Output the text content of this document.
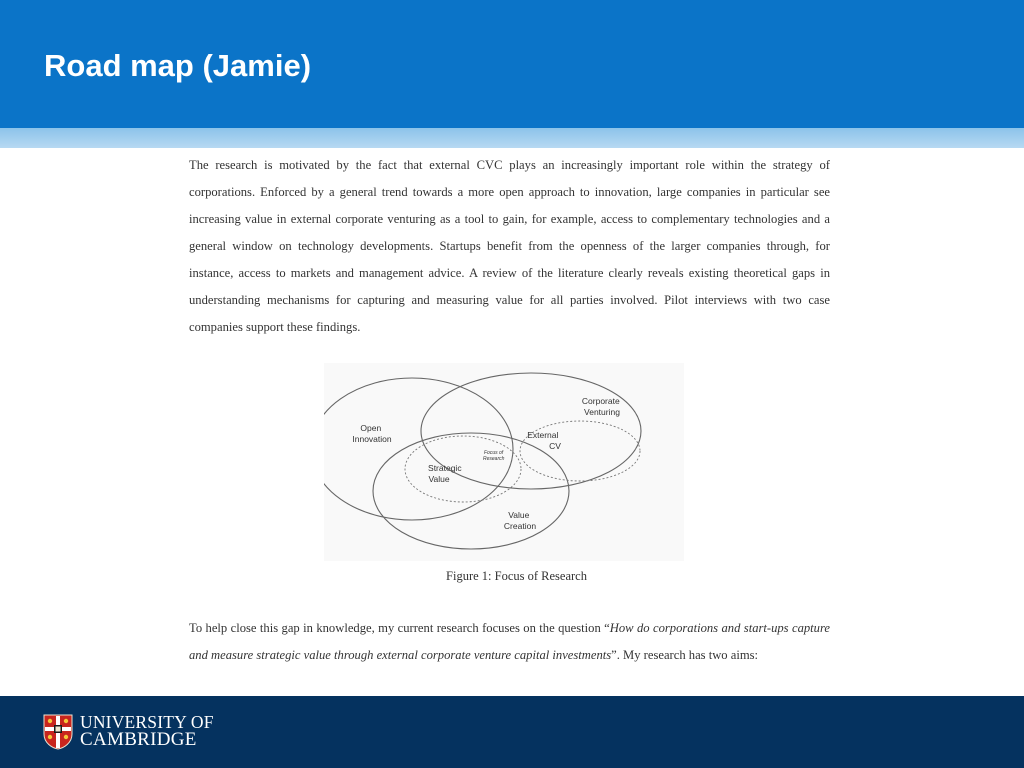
Road map (Jamie)

The research is motivated by the fact that external CVC plays an increasingly important role within the strategy of corporations. Enforced by a general trend towards a more open approach to innovation, large companies in particular see increasing value in external corporate venturing as a tool to gain, for example, access to complementary technologies and a general window on technology developments. Startups benefit from the openness of the larger companies through, for instance, access to markets and management advice. A review of the literature clearly reveals existing theoretical gaps in understanding mechanisms for capturing and measuring value for all parties involved. Pilot interviews with two case companies support these findings.

Open Innovation
Corporate Venturing
External CV
Strategic Value
Value Creation
Focus of Research
Figure 1: Focus of Research

To help close this gap in knowledge, my current research focuses on the question “How do corporations and start-ups capture and measure strategic value through external corporate venture capital investments”. My research has two aims:

UNIVERSITY OF
CAMBRIDGE
